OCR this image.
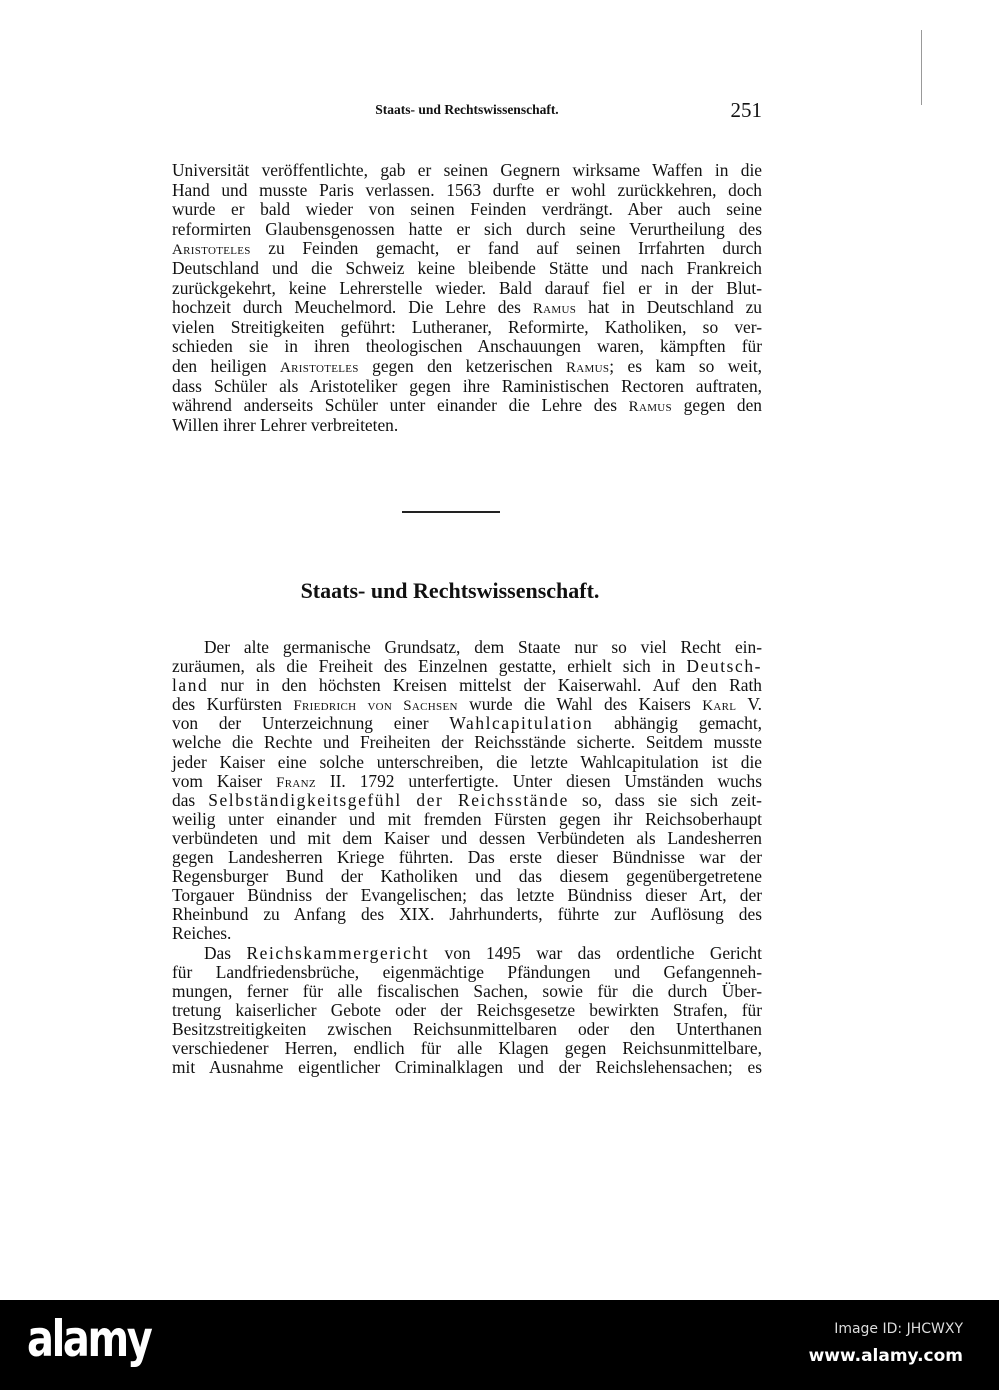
Staats- und Rechtswissenschaft.	251
Universität veröffentlichte, gab er seinen Gegnern wirksame Waffen in die
Hand und musste Paris verlassen. 1563 durfte er wohl zurückkehren, doch
wurde er bald wieder von seinen Feinden verdrängt. Aber auch seine
reformirten Glaubensgenossen hatte er sich durch seine Verurtheilung des
Aristoteles zu Feinden gemacht, er fand auf seinen Irrfahrten durch
Deutschland und die Schweiz keine bleibende Stätte und nach Frankreich
zurückgekehrt, keine Lehrerstelle wieder. Bald darauf fiel er in der Blut-
hochzeit durch Meuchelmord. Die Lehre des Ramus hat in Deutschland zu
vielen Streitigkeiten geführt: Lutheraner, Reformirte, Katholiken, so ver-
schieden sie in ihren theologischen Anschauungen waren, kämpften für
den heiligen Aristoteles gegen den ketzerischen Ramus; es kam so weit,
dass Schüler als Aristoteliker gegen ihre Raministischen Rectoren auftraten,
während anderseits Schüler unter einander die Lehre des Ramus gegen den
Willen ihrer Lehrer verbreiteten.
Staats- und Rechtswissenschaft.
Der alte germanische Grundsatz, dem Staate nur so viel Recht ein-
zuräumen, als die Freiheit des Einzelnen gestatte, erhielt sich in Deutsch-
land nur in den höchsten Kreisen mittelst der Kaiserwahl. Auf den Rath
des Kurfürsten Friedrich von Sachsen wurde die Wahl des Kaisers Karl V.
von der Unterzeichnung einer Wahlcapitulation abhängig gemacht,
welche die Rechte und Freiheiten der Reichsstände sicherte. Seitdem musste
jeder Kaiser eine solche unterschreiben, die letzte Wahlcapitulation ist die
vom Kaiser Franz II. 1792 unterfertigte. Unter diesen Umständen wuchs
das Selbständigkeitsgefühl der Reichsstände so, dass sie sich zeit-
weilig unter einander und mit fremden Fürsten gegen ihr Reichsoberhaupt
verbündeten und mit dem Kaiser und dessen Verbündeten als Landesherren
gegen Landesherren Kriege führten. Das erste dieser Bündnisse war der
Regensburger Bund der Katholiken und das diesem gegenübergetretene
Torgauer Bündniss der Evangelischen; das letzte Bündniss dieser Art, der
Rheinbund zu Anfang des XIX. Jahrhunderts, führte zur Auflösung des
Reiches.
Das Reichskammergericht von 1495 war das ordentliche Gericht
für Landfriedensbrüche, eigenmächtige Pfändungen und Gefangenneh-
mungen, ferner für alle fiscalischen Sachen, sowie für die durch Über-
tretung kaiserlicher Gebote oder der Reichsgesetze bewirkten Strafen, für
Besitzstreitigkeiten zwischen Reichsunmittelbaren oder den Unterthanen
verschiedener Herren, endlich für alle Klagen gegen Reichsunmittelbare,
mit Ausnahme eigentlicher Criminalklagen und der Reichslehensachen; es
alamy	Image ID: JHCWXY
www.alamy.com
